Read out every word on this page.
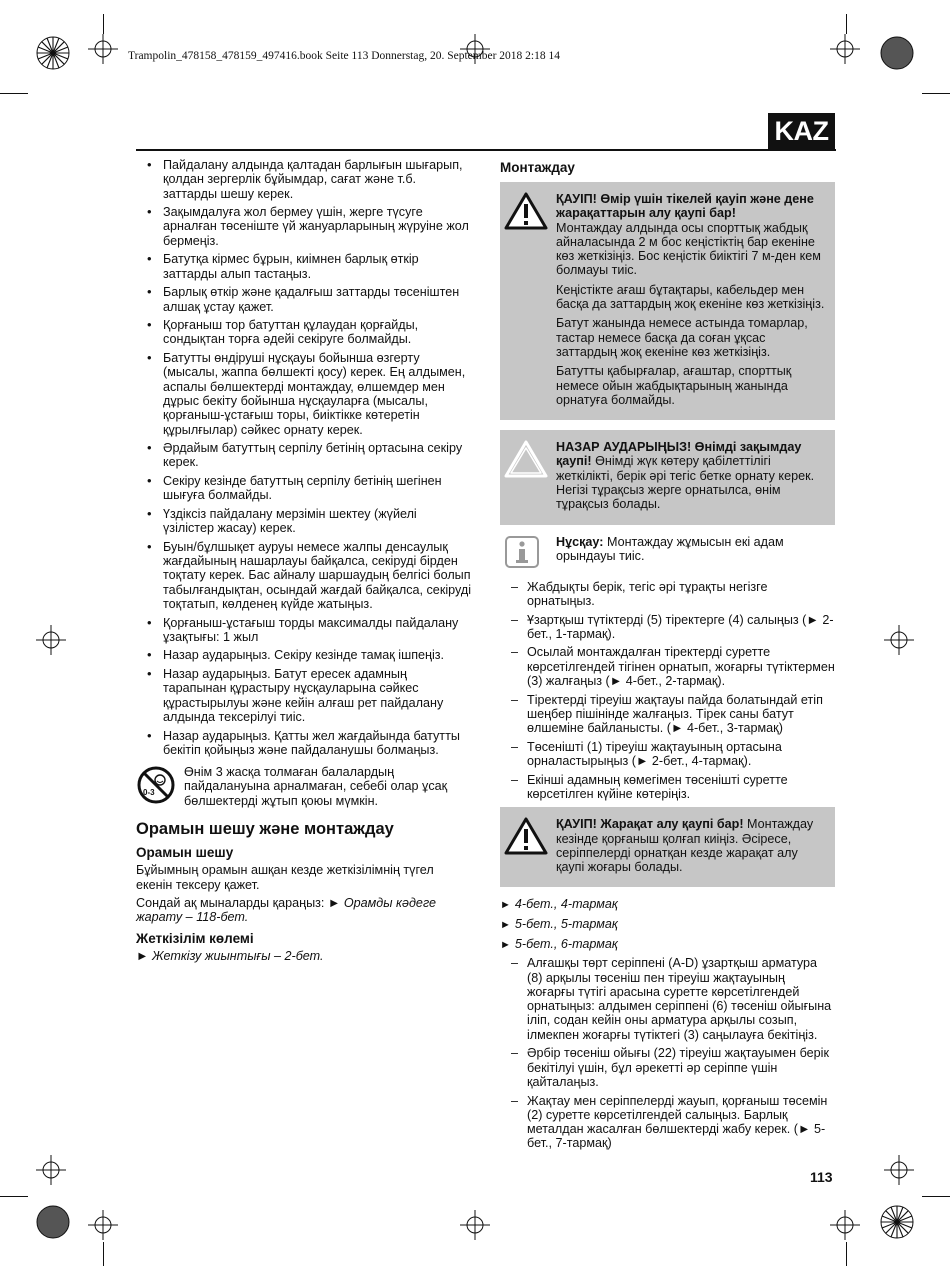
Trampolin_478158_478159_497416.book Seite 113 Donnerstag, 20. September 2018 2:18 14
KAZ
• Пайдалану алдында қалтадан барлығын шығарып, қолдан зергерлік бұйымдар, сағат және т.б. заттарды шешу керек.
• Зақымдалуға жол бермеу үшін, жерге түсуге арналған төсеніште үй жануарларының жүруіне жол бермеңіз.
• Батутқа кірмес бұрын, киімнен барлық өткір заттарды алып тастаңыз.
• Барлық өткір және қадалғыш заттарды төсеніштен алшақ ұстау қажет.
• Қорғаныш тор батуттан құлаудан қорғайды, сондықтан торға әдейі секіруге болмайды.
• Батутты өндіруші нұсқауы бойынша өзгерту (мысалы, жаппа бөлшекті қосу) керек. Ең алдымен, аспалы бөлшектерді монтаждау, өлшемдер мен дұрыс бекіту бойынша нұсқауларға (мысалы, қорғаныш-ұстағыш торы, биіктікке көтеретін құрылғылар) сәйкес орнату керек.
• Әрдайым батуттың серпілу бетінің ортасына секіру керек.
• Секіру кезінде батуттың серпілу бетінің шегінен шығуға болмайды.
• Үздіксіз пайдалану мерзімін шектеу (жүйелі үзілістер жасау) керек.
• Буын/бұлшықет ауруы немесе жалпы денсаулық жағдайының нашарлауы байқалса, секіруді бірден тоқтату керек. Бас айналу шаршаудың белгісі болып табылғандықтан, осындай жағдай байқалса, секіруді тоқтатып, көлденең күйде жатыңыз.
• Қорғаныш-ұстағыш торды максималды пайдалану ұзақтығы: 1 жыл
• Назар аударыңыз. Секіру кезінде тамақ ішпеңіз.
• Назар аударыңыз. Батут ересек адамның тарапынан құрастыру нұсқауларына сәйкес құрастырылуы және кейін алғаш рет пайдалану алдында тексерілуі тиіс.
• Назар аударыңыз. Қатты жел жағдайында батутты бекітіп қойыңыз және пайдаланушы болмаңыз.
0-3
Өнім 3 жасқа толмаған балалардың пайдалануына арналмаған, себебі олар ұсақ бөлшектерді жұтып қоюы мүмкін.
Орамын шешу және монтаждау
Орамын шешу

Бұйымның орамын ашқан кезде жеткізілімнің түгел екенін тексеру қажет.

Сондай ақ мыналарды қараңыз: ► Орамды кәдеге жарату – 118-бет.

Жеткізілім көлемі

► Жеткізу жиынтығы – 2-бет.

Монтаждау

ҚАУІП! Өмір үшін тікелей қауіп және дене жарақаттарын алу қаупі бар!
Монтаждау алдында осы спорттық жабдық айналасында 2 м бос кеңістіктің бар екеніне көз жеткізіңіз. Бос кеңістік биіктігі 7 м-ден кем болмауы тиіс.

Кеңістікте ағаш бұтақтары, кабельдер мен басқа да заттардың жоқ екеніне көз жеткізіңіз.

Батут жанында немесе астында томарлар, тастар немесе басқа да соған ұқсас заттардың жоқ екеніне көз жеткізіңіз.

Батутты қабырғалар, ағаштар, спорттық немесе ойын жабдықтарының жанында орнатуға болмайды.

НАЗАР АУДАРЫҢЫЗ! Өнімді зақымдау қаупі! Өнімді жүк көтеру қабілеттілігі жеткілікті, берік әрі тегіс бетке орнату керек. Негізі тұрақсыз жерге орнатылса, өнім тұрақсыз болады.

Нұсқау: Монтаждау жұмысын екі адам орындауы тиіс.
– Жабдықты берік, тегіс әрі тұрақты негізге орнатыңыз.
– Ұзартқыш түтіктерді (5) тіректерге (4) салыңыз (► 2-бет., 1-тармақ).
– Осылай монтаждалған тіректерді суретте көрсетілгендей тігінен орнатып, жоғарғы түтіктермен (3) жалғаңыз (► 4-бет., 2-тармақ).
– Тіректерді тіреуіш жақтауы пайда болатындай етіп шеңбер пішінінде жалғаңыз. Тірек саны батут өлшеміне байланысты. (► 4-бет., 3-тармақ)
– Төсенішті (1) тіреуіш жақтауының ортасына орналастырыңыз (► 2-бет., 4-тармақ).
– Екінші адамның көмегімен төсенішті суретте көрсетілген күйіне көтеріңіз.

ҚАУІП! Жарақат алу қаупі бар! Монтаждау кезінде қорғаныш қолғап киіңіз. Әсіресе, серіппелерді орнатқан кезде жарақат алу қаупі жоғары болады.

► 4-бет., 4-тармақ
► 5-бет., 5-тармақ
► 5-бет., 6-тармақ
– Алғашқы төрт серіппені (A-D) ұзартқыш арматура (8) арқылы төсеніш пен тіреуіш жақтауының жоғарғы түтігі арасына суретте көрсетілгендей орнатыңыз: алдымен серіппені (6) төсеніш ойығына іліп, содан кейін оны арматура арқылы созып, ілмекпен жоғарғы түтіктегі (3) саңылауға бекітіңіз.
– Әрбір төсеніш ойығы (22) тіреуіш жақтауымен берік бекітілуі үшін, бұл әрекетті әр серіппе үшін қайталаңыз.
– Жақтау мен серіппелерді жауып, қорғаныш төсемін (2) суретте көрсетілгендей салыңыз. Барлық металдан жасалған бөлшектерді жабу керек. (► 5-бет., 7-тармақ)
113
